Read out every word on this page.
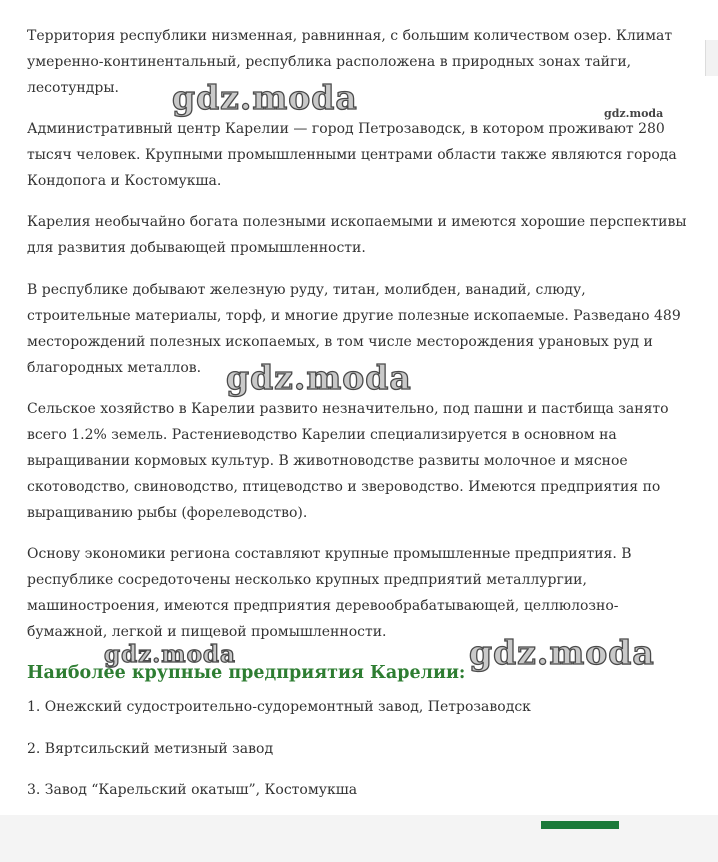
Территория республики низменная, равнинная, с большим количеством озер. Климат умеренно-континентальный, республика расположена в природных зонах тайги, лесотундры.

Административный центр Карелии — город Петрозаводск, в котором проживают 280 тысяч человек. Крупными промышленными центрами области также являются города Кондопога и Костомукша.

Карелия необычайно богата полезными ископаемыми и имеются хорошие перспективы для развития добывающей промышленности.

В республике добывают железную руду, титан, молибден, ванадий, слюду, строительные материалы, торф, и многие другие полезные ископаемые. Разведано 489 месторождений полезных ископаемых, в том числе месторождения урановых руд и благородных металлов.

Сельское хозяйство в Карелии развито незначительно, под пашни и пастбища занято всего 1.2% земель. Растениеводство Карелии специализируется в основном на выращивании кормовых культур. В животноводстве развиты молочное и мясное скотоводство, свиноводство, птицеводство и звероводство. Имеются предприятия по выращиванию рыбы (форелеводство).

Основу экономики региона составляют крупные промышленные предприятия. В республике сосредоточены несколько крупных предприятий металлургии, машиностроения, имеются предприятия деревообрабатывающей, целлюлозно-бумажной, легкой и пищевой промышленности.

Наиболее крупные предприятия Карелии:

1. Онежский судостроительно-судоремонтный завод, Петрозаводск

2. Вяртсильский метизный завод

3. Завод “Карельский окатыш”, Костомукша

gdz.moda	gdz.moda
gdz.moda
gdz.moda	gdz.moda
